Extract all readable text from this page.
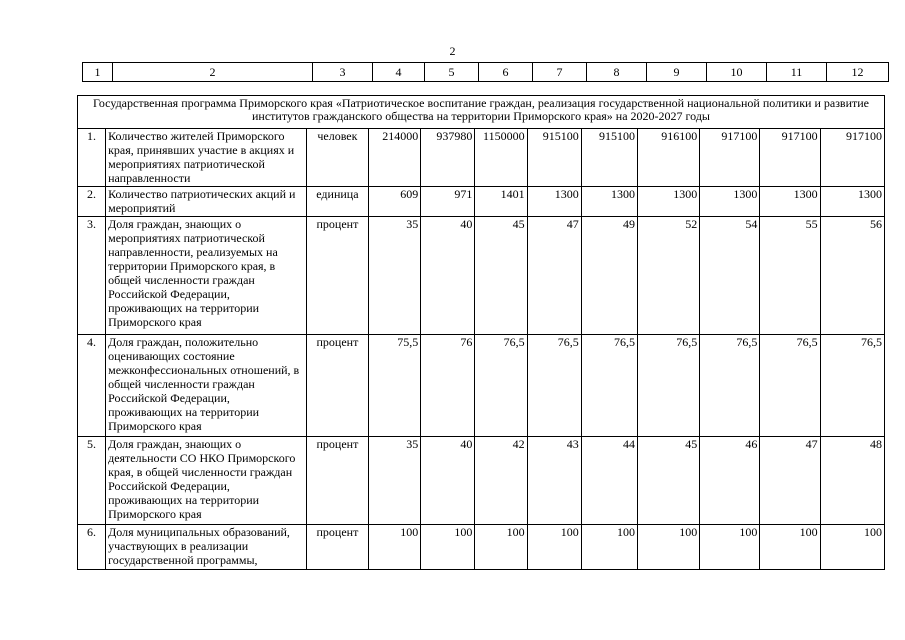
2
1	2	3	4	5	6	7	8	9	10	11	12
Государственная программа Приморского края «Патриотическое воспитание граждан, реализация государственной национальной политики и развитие институтов гражданского общества на территории Приморского края» на 2020-2027 годы											
1.	Количество жителей Приморского края, принявших участие в акциях и мероприятиях патриотической направленности	человек	214000	937980	1150000	915100	915100	916100	917100	917100	917100
2.	Количество патриотических акций и мероприятий	единица	609	971	1401	1300	1300	1300	1300	1300	1300
3.	Доля граждан, знающих о мероприятиях патриотической направленности, реализуемых на территории Приморского края, в общей численности граждан Российской Федерации, проживающих на территории Приморского края	процент	35	40	45	47	49	52	54	55	56
4.	Доля граждан, положительно оценивающих состояние межконфессиональных отношений, в общей численности граждан Российской Федерации, проживающих на территории Приморского края	процент	75,5	76	76,5	76,5	76,5	76,5	76,5	76,5	76,5
5.	Доля граждан, знающих о деятельности СО НКО Приморского края, в общей численности граждан Российской Федерации, проживающих на территории Приморского края	процент	35	40	42	43	44	45	46	47	48
6.	Доля муниципальных образований, участвующих в реализации государственной программы,	процент	100	100	100	100	100	100	100	100	100
